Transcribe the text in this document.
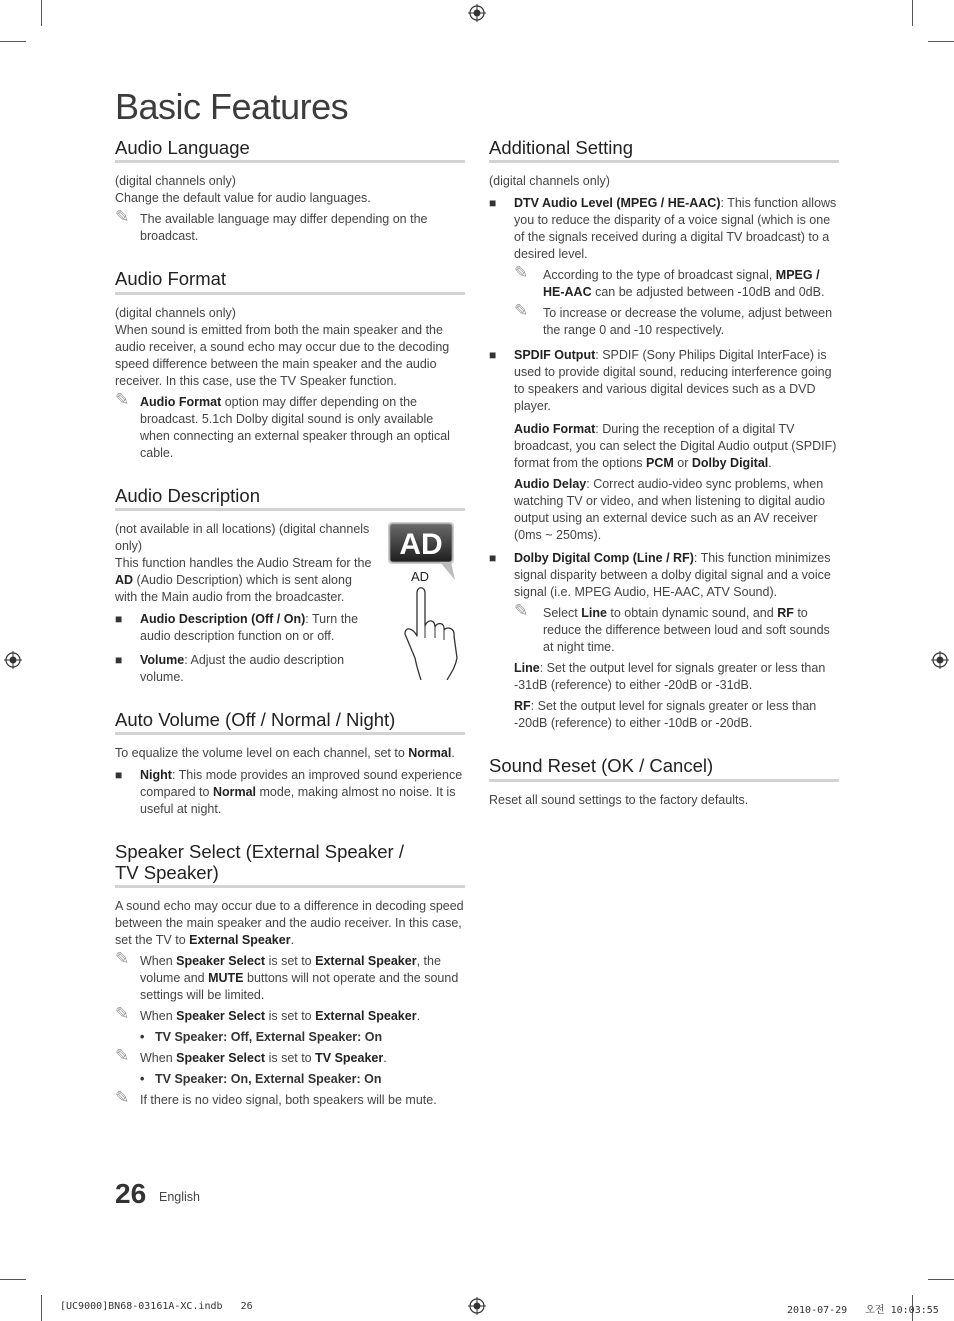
Basic Features
Audio Language

(digital channels only)

Change the default value for audio languages.

✎ The available language may differ depending on the broadcast.
Audio Format

(digital channels only)

When sound is emitted from both the main speaker and the audio receiver, a sound echo may occur due to the decoding speed difference between the main speaker and the audio receiver. In this case, use the TV Speaker function.

✎ Audio Format option may differ depending on the broadcast. 5.1ch Dolby digital sound is only available when connecting an external speaker through an optical cable.
Audio Description

(not available in all locations) (digital channels only)

This function handles the Audio Stream for the AD (Audio Description) which is sent along with the Main audio from the broadcaster.

■ Audio Description (Off / On): Turn the audio description function on or off.
■ Volume: Adjust the audio description volume.
Auto Volume (Off / Normal / Night)

To equalize the volume level on each channel, set to Normal.

■ Night: This mode provides an improved sound experience compared to Normal mode, making almost no noise. It is useful at night.
Speaker Select (External Speaker /
TV Speaker)

A sound echo may occur due to a difference in decoding speed between the main speaker and the audio receiver. In this case, set the TV to External Speaker.

✎ When Speaker Select is set to External Speaker, the volume and MUTE buttons will not operate and the sound settings will be limited.
✎ When Speaker Select is set to External Speaker.
• TV Speaker: Off, External Speaker: On
✎ When Speaker Select is set to TV Speaker.
• TV Speaker: On, External Speaker: On
✎ If there is no video signal, both speakers will be mute.
AD
AD
Additional Setting

(digital channels only)

■ DTV Audio Level (MPEG / HE-AAC): This function allows you to reduce the disparity of a voice signal (which is one of the signals received during a digital TV broadcast) to a desired level.
✎ According to the type of broadcast signal, MPEG / HE-AAC can be adjusted between -10dB and 0dB.
✎ To increase or decrease the volume, adjust between the range 0 and -10 respectively.
■ SPDIF Output: SPDIF (Sony Philips Digital InterFace) is used to provide digital sound, reducing interference going to speakers and various digital devices such as a DVD player.
Audio Format: During the reception of a digital TV broadcast, you can select the Digital Audio output (SPDIF) format from the options PCM or Dolby Digital.
Audio Delay: Correct audio-video sync problems, when watching TV or video, and when listening to digital audio output using an external device such as an AV receiver (0ms ~ 250ms).
■ Dolby Digital Comp (Line / RF): This function minimizes signal disparity between a dolby digital signal and a voice signal (i.e. MPEG Audio, HE-AAC, ATV Sound).
✎ Select Line to obtain dynamic sound, and RF to reduce the difference between loud and soft sounds at night time.
Line: Set the output level for signals greater or less than -31dB (reference) to either -20dB or -31dB.
RF: Set the output level for signals greater or less than -20dB (reference) to either -10dB or -20dB.
Sound Reset (OK / Cancel)

Reset all sound settings to the factory defaults.

26 English
[UC9000]BN68-03161A-XC.indb   26	2010-07-29   오전 10:03:55
